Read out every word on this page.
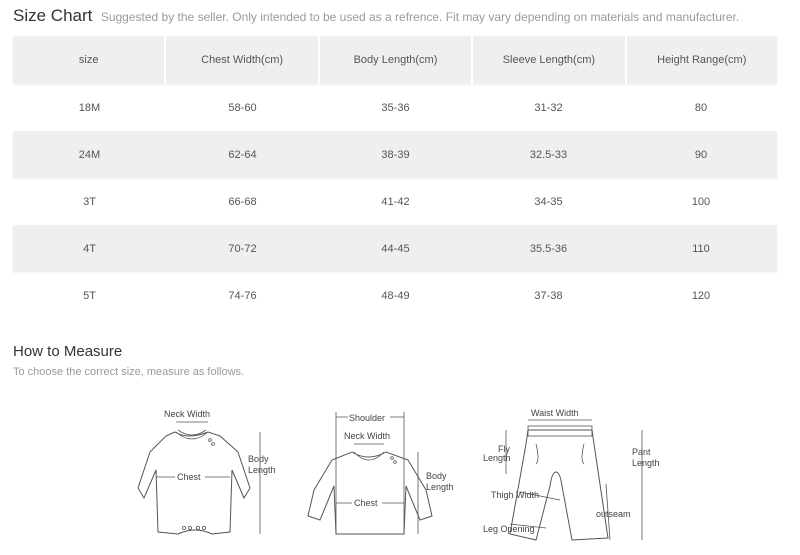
Size Chart Suggested by the seller. Only intended to be used as a refrence. Fit may vary depending on materials and manufacturer.
size	Chest Width(cm)	Body Length(cm)	Sleeve Length(cm)	Height Range(cm)
18M	58-60	35-36	31-32	80
24M	62-64	38-39	32.5-33	90
3T	66-68	41-42	34-35	100
4T	70-72	44-45	35.5-36	110
5T	74-76	48-49	37-38	120
How to Measure
To choose the correct size, measure as follows.
Neck Width
Chest
Body
Length
Shoulder
Neck Width
Chest
Body
Length
Waist Width
Fly
Length
Pant
Length
Thigh Width
outseam
Leg Opening
